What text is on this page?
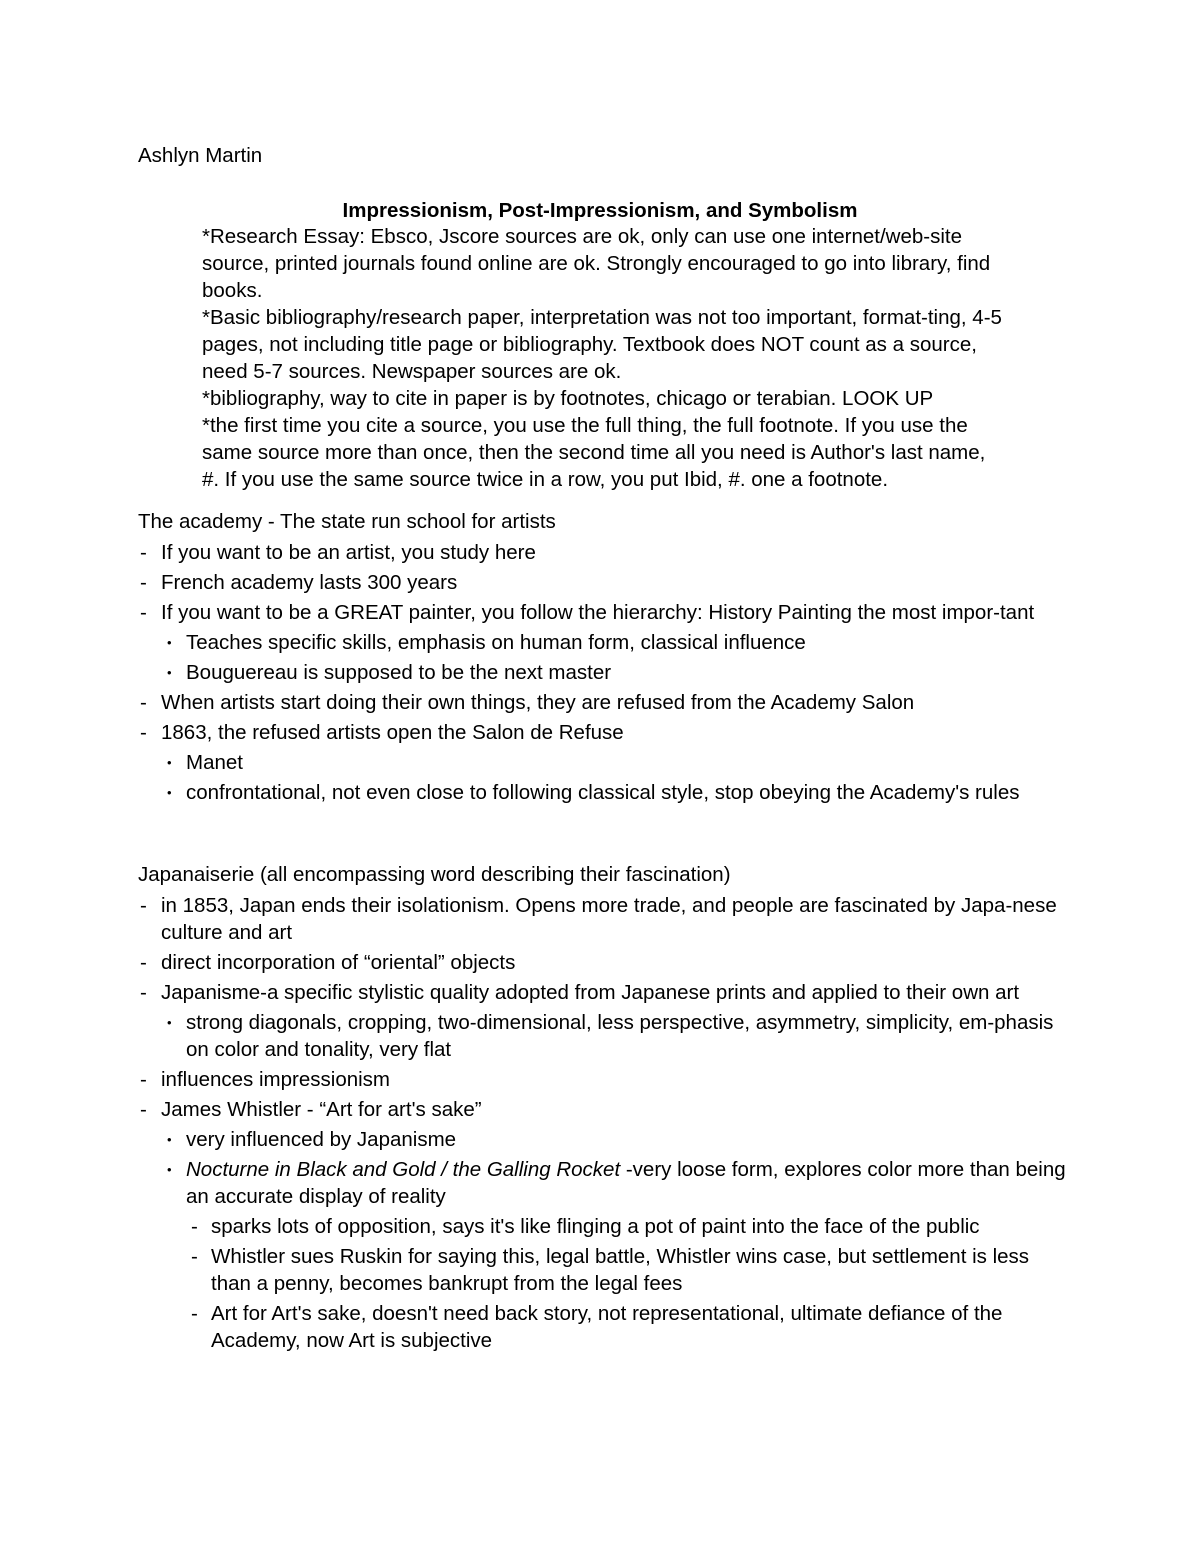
Ashlyn Martin

Impressionism, Post-Impressionism, and Symbolism

*Research Essay: Ebsco, Jscore sources are ok, only can use one internet/web-site source, printed journals found online are ok. Strongly encouraged to go into library, find books.

*Basic bibliography/research paper, interpretation was not too important, format-ting, 4-5 pages, not including title page or bibliography. Textbook does NOT count as a source, need 5-7 sources. Newspaper sources are ok.

*bibliography, way to cite in paper is by footnotes, chicago or terabian. LOOK UP

*the first time you cite a source, you use the full thing, the full footnote. If you use the same source more than once, then the second time all you need is Author's last name, #. If you use the same source twice in a row, you put Ibid, #. one a footnote.

The academy - The state run school for artists

- If you want to be an artist, you study here
- French academy lasts 300 years
- If you want to be a GREAT painter, you follow the hierarchy: History Painting the most impor-tant
• Teaches specific skills, emphasis on human form, classical influence
• Bouguereau is supposed to be the next master
- When artists start doing their own things, they are refused from the Academy Salon
- 1863, the refused artists open the Salon de Refuse
• Manet
• confrontational, not even close to following classical style, stop obeying the Academy's rules

Japanaiserie (all encompassing word describing their fascination)

- in 1853, Japan ends their isolationism. Opens more trade, and people are fascinated by Japa-nese culture and art
- direct incorporation of “oriental” objects
- Japanisme-a specific stylistic quality adopted from Japanese prints and applied to their own art
• strong diagonals, cropping, two-dimensional, less perspective, asymmetry, simplicity, em-phasis on color and tonality, very flat
- influences impressionism
- James Whistler - “Art for art's sake”
• very influenced by Japanisme
• Nocturne in Black and Gold / the Galling Rocket -very loose form, explores color more than being an accurate display of reality
- sparks lots of opposition, says it's like flinging a pot of paint into the face of the public
- Whistler sues Ruskin for saying this, legal battle, Whistler wins case, but settlement is less than a penny, becomes bankrupt from the legal fees
- Art for Art's sake, doesn't need back story, not representational, ultimate defiance of the Academy, now Art is subjective
